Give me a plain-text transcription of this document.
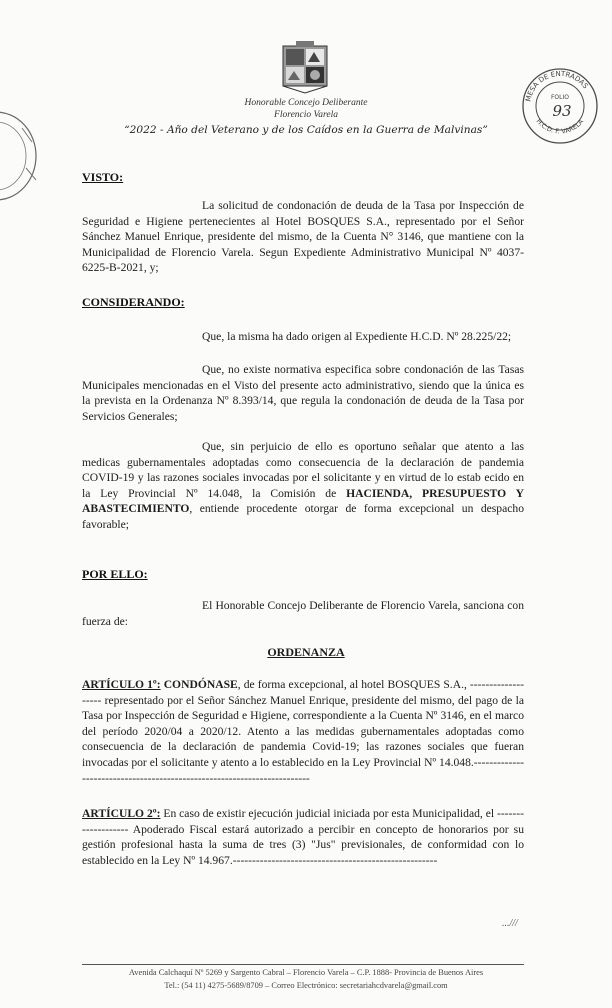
Honorable Concejo Deliberante
Florencio Varela
“2022 - Año del Veterano y de los Caídos en la Guerra de Malvinas”
MESA DE ENTRADAS
H.C.D. F. VARELA
FOLIO
93
VISTO:
La solicitud de condonación de deuda de la Tasa por Inspección de Seguridad e Higiene pertenecientes al Hotel BOSQUES S.A., representado por el Señor Sánchez Manuel Enrique, presidente del mismo, de la Cuenta N° 3146, que mantiene con la Municipalidad de Florencio Varela. Segun Expediente Administrativo Municipal Nº 4037-6225-B-2021, y;
CONSIDERANDO:
Que, la misma ha dado origen al Expediente H.C.D. Nº 28.225/22;
Que, no existe normativa especifica sobre condonación de las Tasas Municipales mencionadas en el Visto del presente acto administrativo, siendo que la única es la prevista en la Ordenanza Nº 8.393/14, que regula la condonación de deuda de la Tasa por Servicios Generales;
Que, sin perjuicio de ello es oportuno señalar que atento a las medicas gubernamentales adoptadas como consecuencia de la declaración de pandemia COVID-19 y las razones sociales invocadas por el solicitante y en virtud de lo estab ecido en la Ley Provincial Nº 14.048, la Comisión de HACIENDA, PRESUPUESTO Y ABASTECIMIENTO, entiende procedente otorgar de forma excepcional un despacho favorable;
POR ELLO:
El Honorable Concejo Deliberante de Florencio Varela, sanciona con fuerza de:
ORDENANZA
ARTÍCULO 1º: CONDÓNASE, de forma excepcional, al hotel BOSQUES S.A., ------------------- representado por el Señor Sánchez Manuel Enrique, presidente del mismo, del pago de la Tasa por Inspección de Seguridad e Higiene, correspondiente a la Cuenta Nº 3146, en el marco del período 2020/04 a 2020/12. Atento a las medidas gubernamentales adoptadas como consecuencia de la declaración de pandemia Covid-19; las razones sociales que fueran invocadas por el solicitante y atento a lo establecido en la Ley Provincial Nº 14.048.------------------------------------------------------------------------
ARTÍCULO 2º: En caso de existir ejecución judicial iniciada por esta Municipalidad, el ------------------- Apoderado Fiscal estará autorizado a percibir en concepto de honorarios por su gestión profesional hasta la suma de tres (3) "Jus" previsionales, de conformidad con lo establecido en la Ley Nº 14.967.-----------------------------------------------------
...///
Avenida Calchaquí Nº 5269 y Sargento Cabral – Florencio Varela – C.P. 1888- Provincia de Buenos Aires
Tel.: (54 11) 4275-5689/8709 – Correo Electrónico: secretariahcdvarela@gmail.com
